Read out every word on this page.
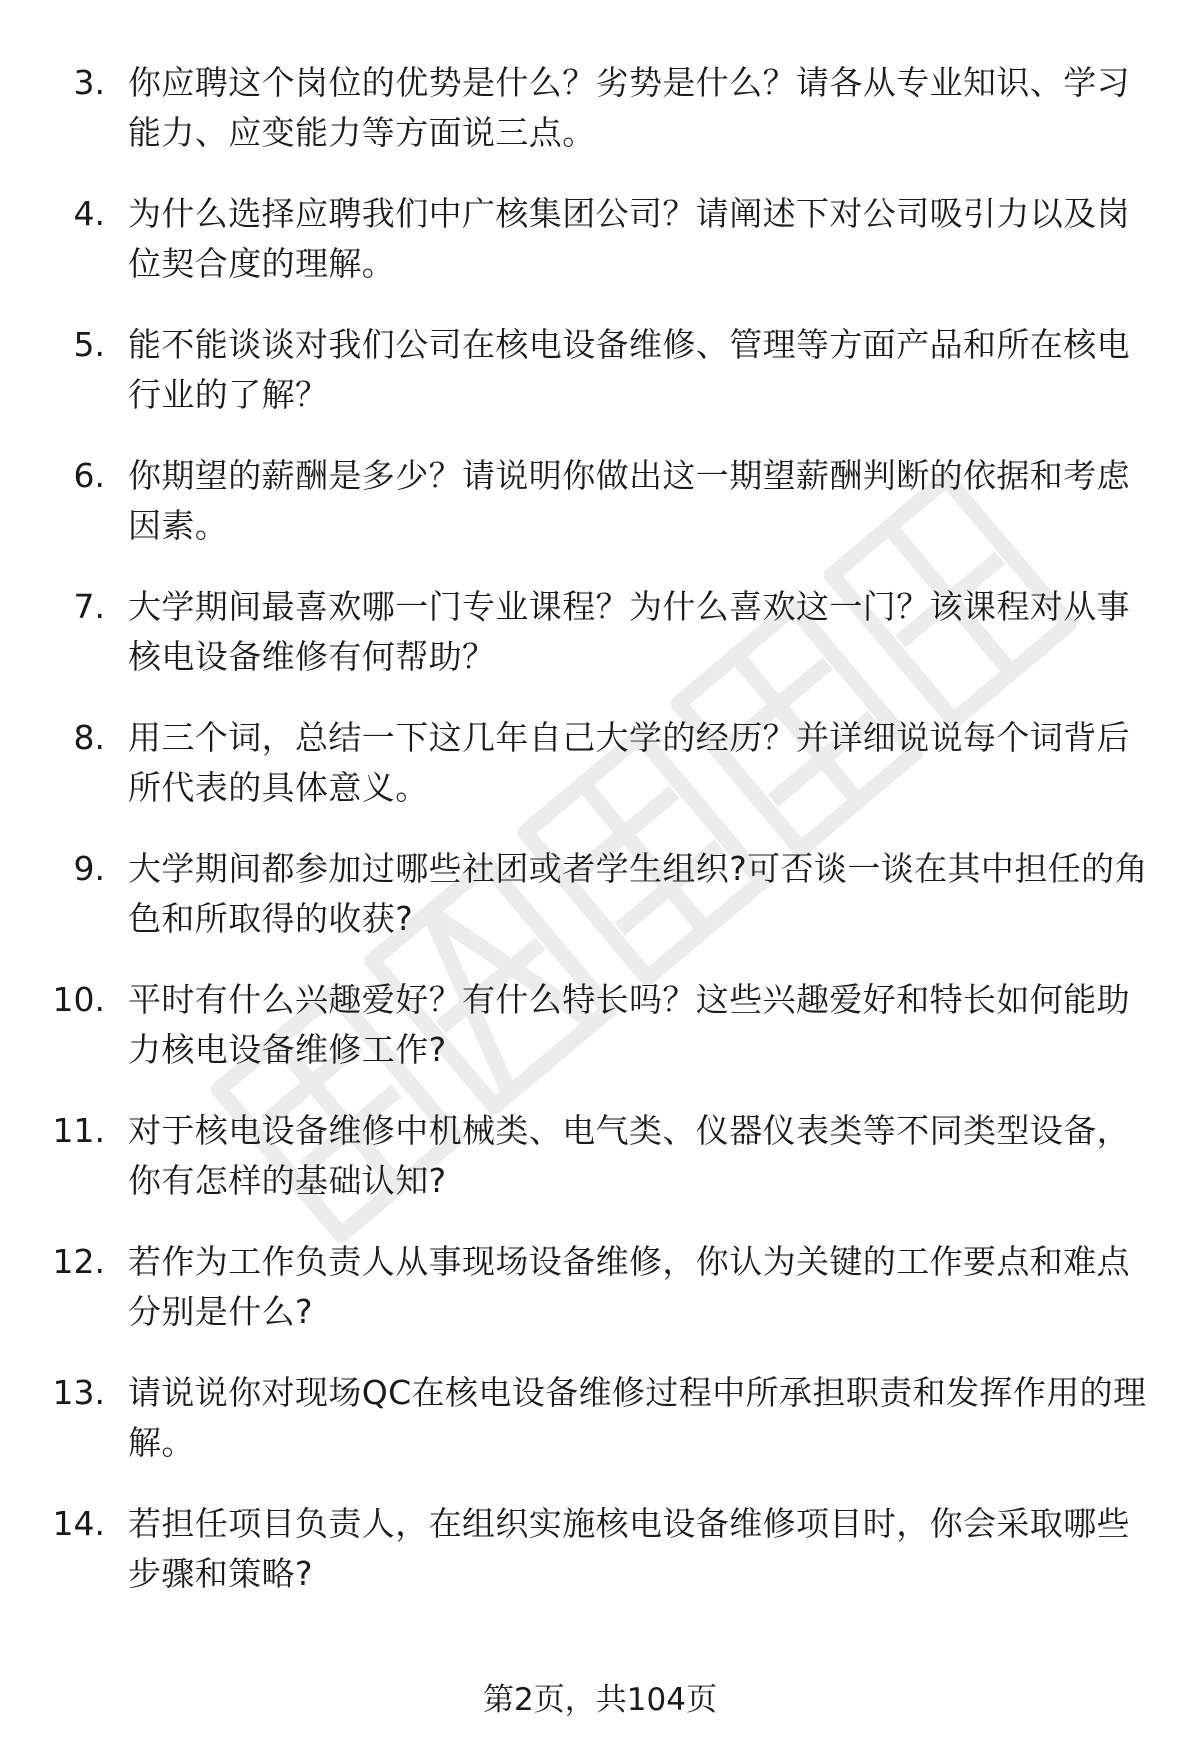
3. 你应聘这个岗位的优势是什么？劣势是什么？请各从专业知识、学习能力、应变能力等方面说三点。
4. 为什么选择应聘我们中广核集团公司？请阐述下对公司吸引力以及岗位契合度的理解。
5. 能不能谈谈对我们公司在核电设备维修、管理等方面产品和所在核电行业的了解？
6. 你期望的薪酬是多少？请说明你做出这一期望薪酬判断的依据和考虑因素。
7. 大学期间最喜欢哪一门专业课程？为什么喜欢这一门？该课程对从事核电设备维修有何帮助？
8. 用三个词，总结一下这几年自己大学的经历？并详细说说每个词背后所代表的具体意义。
9. 大学期间都参加过哪些社团或者学生组织?可否谈一谈在其中担任的角色和所取得的收获?
10. 平时有什么兴趣爱好？有什么特长吗？这些兴趣爱好和特长如何能助力核电设备维修工作?
11. 对于核电设备维修中机械类、电气类、仪器仪表类等不同类型设备，你有怎样的基础认知?
12. 若作为工作负责人从事现场设备维修，你认为关键的工作要点和难点分别是什么?
13. 请说说你对现场QC在核电设备维修过程中所承担职责和发挥作用的理解。
14. 若担任项目负责人，在组织实施核电设备维修项目时，你会采取哪些步骤和策略?
第2页，共104页
